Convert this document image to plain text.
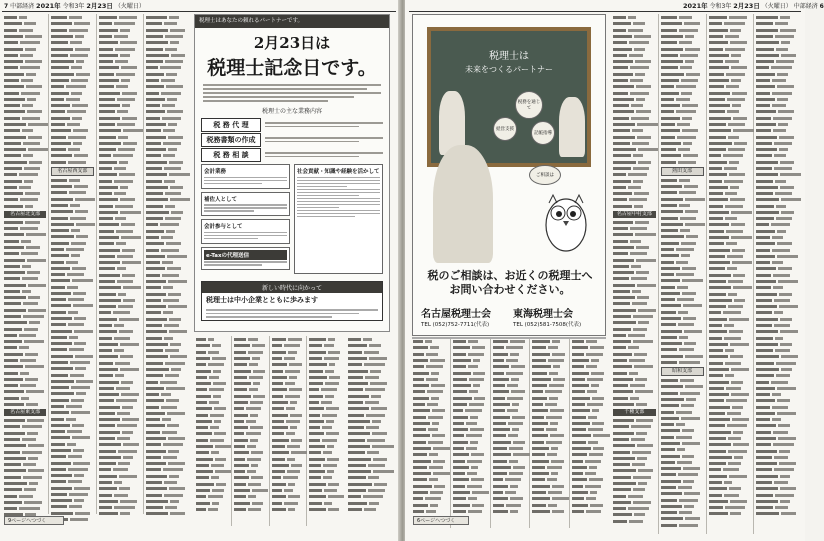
7 中部経済 2021年 令和3年 2月23日 （火曜日）
名古屋北支部
名古屋東支部
名古屋西支部
税理士はあなたの頼れるパートナーです。
2月23日は
税理士記念日です。
税理士の主な業務内容
税 務 代 理
税務書類の作成
税 務 相 談
会計業務
補佐人として
会計参与として
e-Taxの代理送信
社会貢献・知識や経験を活かして
新しい時代に向かって
税理士は中小企業とともに歩みます
9ページへつづく
2021年 令和3年 2月23日 （火曜日） 中部経済 6
名古屋中村支部
千種支部
熱田支部
昭和支部
6ページへつづく
税理士は
未来をつくるパートナー
税務を通じて
経営支援
記帳指導
ご相談は
税のご相談は、お近くの税理士へ
お問い合わせください。
名古屋税理士会 東海税理士会
TEL (052)752-7711(代表)	TEL (052)581-7508(代表)
